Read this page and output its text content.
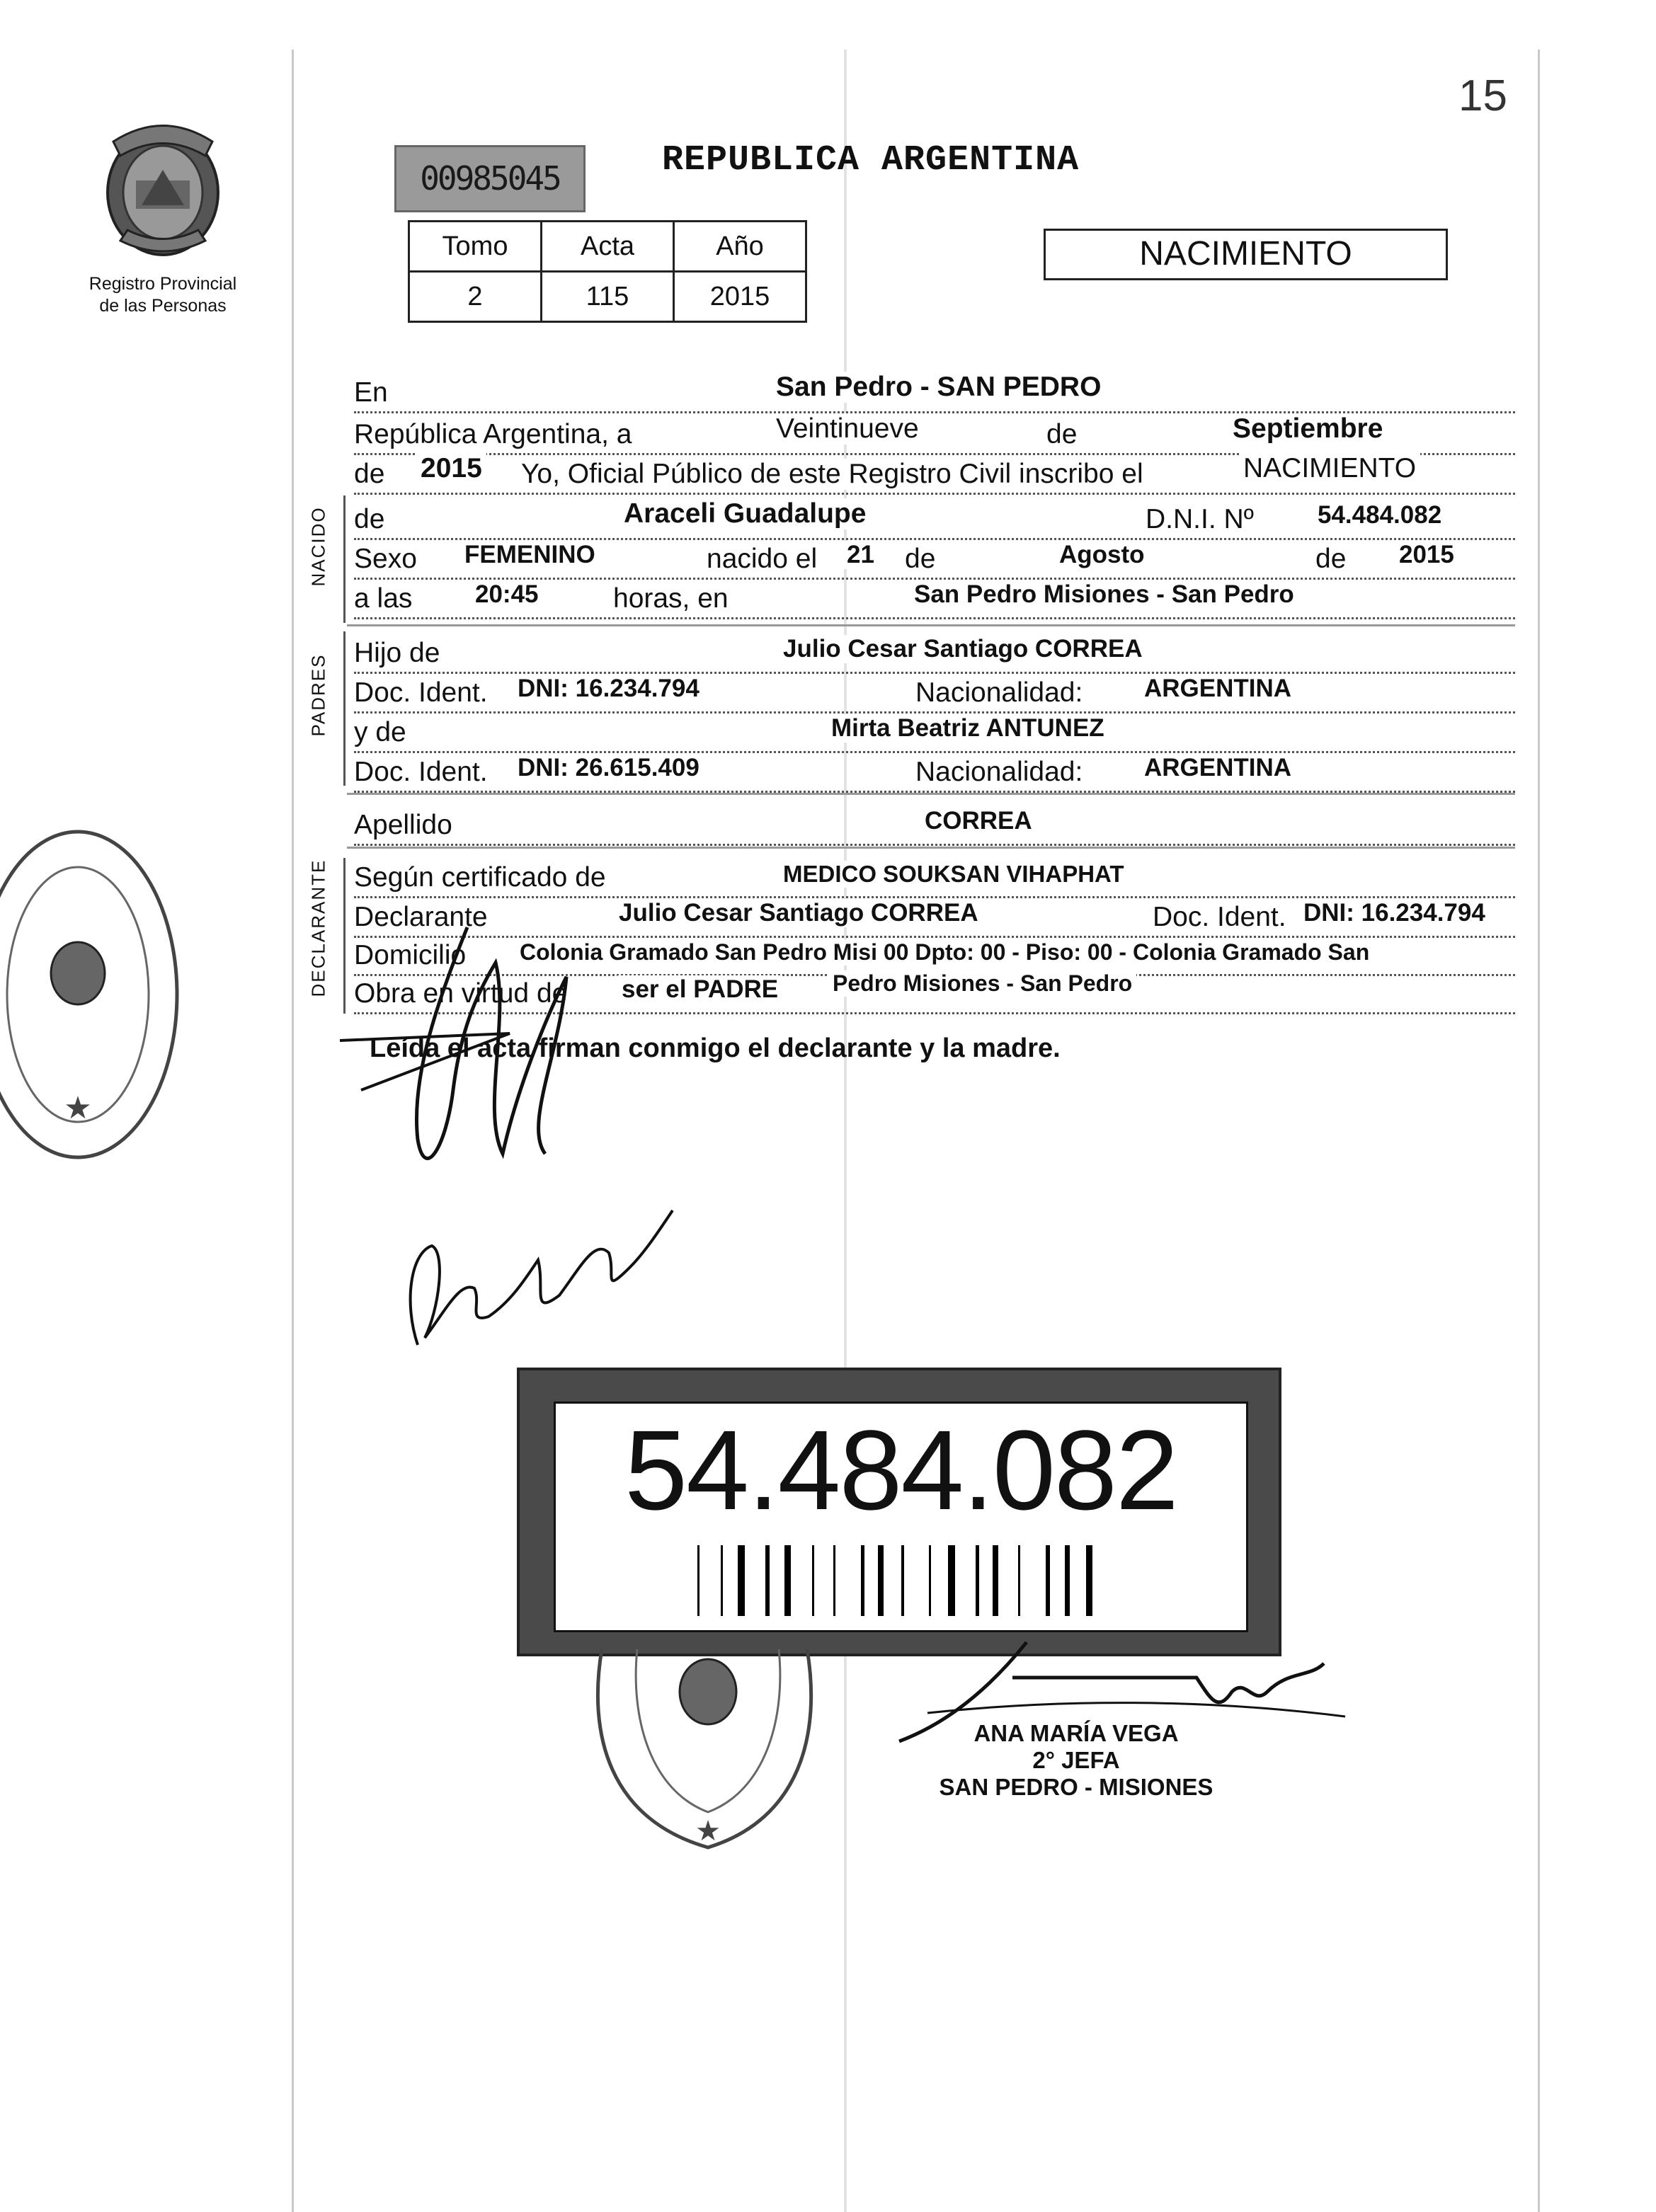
15
Registro Provincial
de las Personas
00985045	REPUBLICA ARGENTINA
Tomo	Acta	Año
2	115	2015
NACIMIENTO
En	San Pedro - SAN PEDRO
República Argentina, a	Veintinueve	de	Septiembre
de 2015 Yo, Oficial Público de este Registro Civil inscribo el	NACIMIENTO
NACIDO de	Araceli Guadalupe	D.N.I. Nº	54.484.082
Sexo FEMENINO	nacido el 21 de	Agosto	de 2015
a las	20:45	horas, en	San Pedro Misiones - San Pedro
PADRES
Hijo de	Julio Cesar Santiago CORREA
Doc. Ident. DNI: 16.234.794	Nacionalidad: ARGENTINA
y de	Mirta Beatriz ANTUNEZ
Doc. Ident. DNI: 26.615.409	Nacionalidad: ARGENTINA
Apellido	CORREA
DECLARANTE Según certificado de	MEDICO SOUKSAN VIHAPHAT
Declarante	Julio Cesar Santiago CORREA	Doc. Ident. DNI: 16.234.794
Domicilio Colonia Gramado San Pedro Misi 00 Dpto: 00 - Piso: 00 - Colonia Gramado San
Obra en virtud de ser el PADRE Pedro Misiones - San Pedro
Leída el acta firman conmigo el declarante y la madre.
★
54.484.082
★
ANA MARÍA VEGA
2° JEFA
SAN PEDRO - MISIONES
